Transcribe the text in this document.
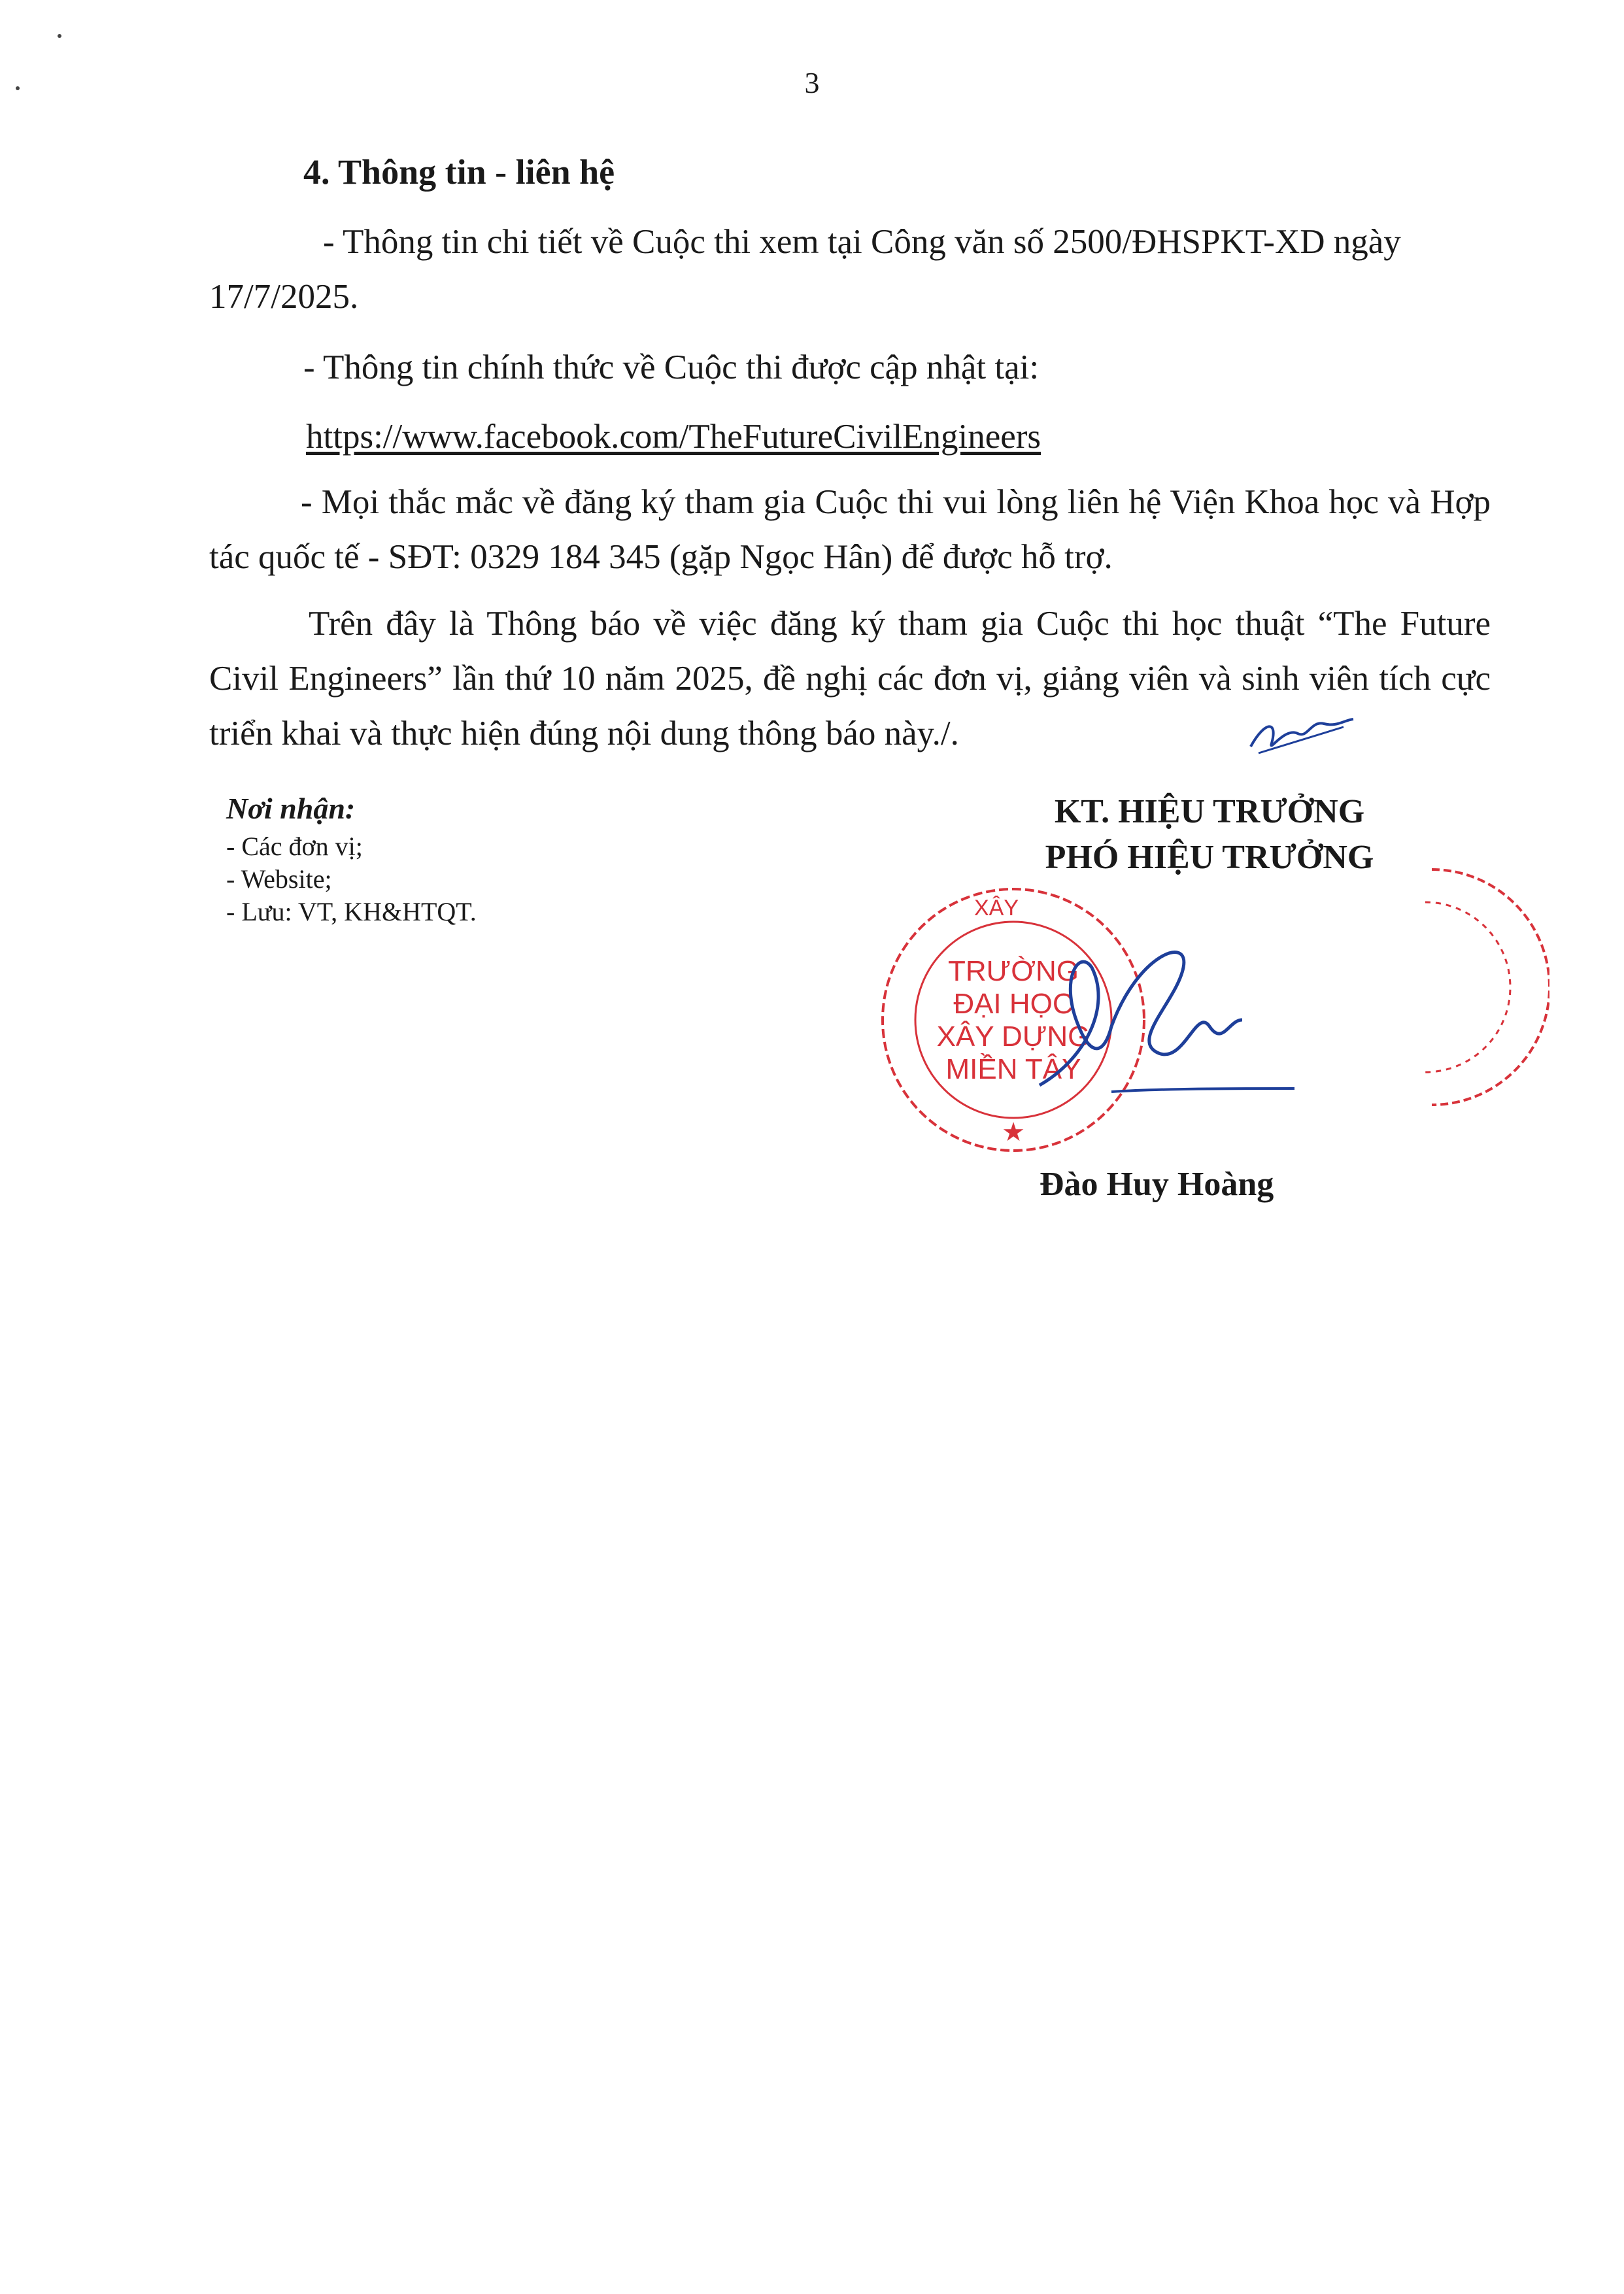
3
4. Thông tin - liên hệ

- Thông tin chi tiết về Cuộc thi xem tại Công văn số 2500/ĐHSPKT-XD ngày 17/7/2025.

- Thông tin chính thức về Cuộc thi được cập nhật tại:

https://www.facebook.com/TheFutureCivilEngineers

- Mọi thắc mắc về đăng ký tham gia Cuộc thi vui lòng liên hệ Viện Khoa học và Hợp tác quốc tế - SĐT: 0329 184 345 (gặp Ngọc Hân) để được hỗ trợ.

Trên đây là Thông báo về việc đăng ký tham gia Cuộc thi học thuật “The Future Civil Engineers” lần thứ 10 năm 2025, đề nghị các đơn vị, giảng viên và sinh viên tích cực triển khai và thực hiện đúng nội dung thông báo này./.

Nơi nhận:
- Các đơn vị;
- Website;
- Lưu: VT, KH&HTQT.
KT. HIỆU TRƯỞNG
PHÓ HIỆU TRƯỞNG
XÂY
TRƯỜNG
ĐẠI HỌC
XÂY DỰNG
MIỀN TÂY
★
Đào Huy Hoàng
